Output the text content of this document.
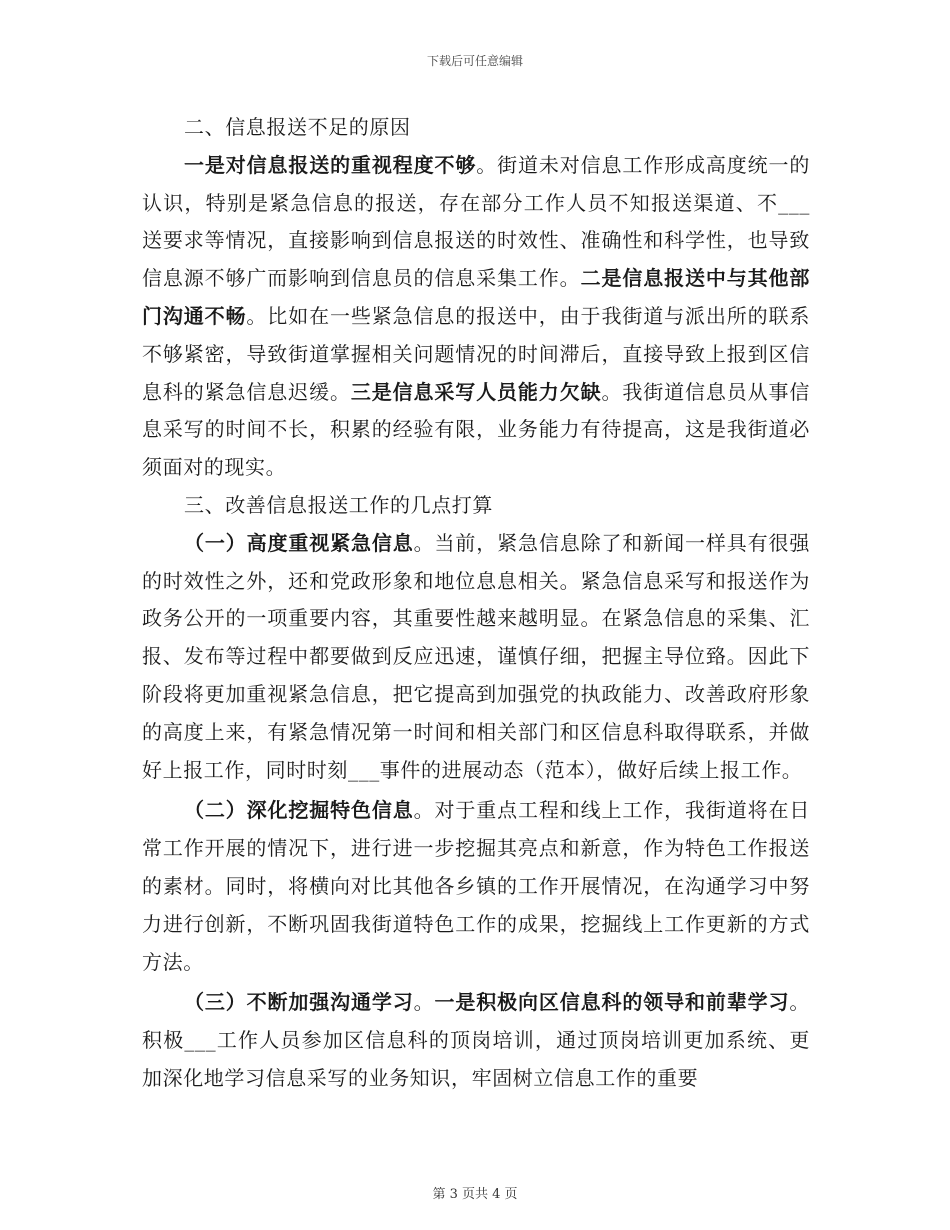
下载后可任意编辑

二、信息报送不足的原因

一是对信息报送的重视程度不够。街道未对信息工作形成高度统一的认识，特别是紧急信息的报送，存在部分工作人员不知报送渠道、不___送要求等情况，直接影响到信息报送的时效性、准确性和科学性，也导致信息源不够广而影响到信息员的信息采集工作。二是信息报送中与其他部门沟通不畅。比如在一些紧急信息的报送中，由于我街道与派出所的联系不够紧密，导致街道掌握相关问题情况的时间滞后，直接导致上报到区信息科的紧急信息迟缓。三是信息采写人员能力欠缺。我街道信息员从事信息采写的时间不长，积累的经验有限，业务能力有待提高，这是我街道必须面对的现实。

三、改善信息报送工作的几点打算

（一）高度重视紧急信息。当前，紧急信息除了和新闻一样具有很强的时效性之外，还和党政形象和地位息息相关。紧急信息采写和报送作为政务公开的一项重要内容，其重要性越来越明显。在紧急信息的采集、汇报、发布等过程中都要做到反应迅速，谨慎仔细，把握主导位臵。因此下阶段将更加重视紧急信息，把它提高到加强党的执政能力、改善政府形象的高度上来，有紧急情况第一时间和相关部门和区信息科取得联系，并做好上报工作，同时时刻___事件的进展动态（范本），做好后续上报工作。

（二）深化挖掘特色信息。对于重点工程和线上工作，我街道将在日常工作开展的情况下，进行进一步挖掘其亮点和新意，作为特色工作报送的素材。同时，将横向对比其他各乡镇的工作开展情况，在沟通学习中努力进行创新，不断巩固我街道特色工作的成果，挖掘线上工作更新的方式方法。

（三）不断加强沟通学习。一是积极向区信息科的领导和前辈学习。积极___工作人员参加区信息科的顶岗培训，通过顶岗培训更加系统、更加深化地学习信息采写的业务知识，牢固树立信息工作的重要

第 3 页共 4 页
